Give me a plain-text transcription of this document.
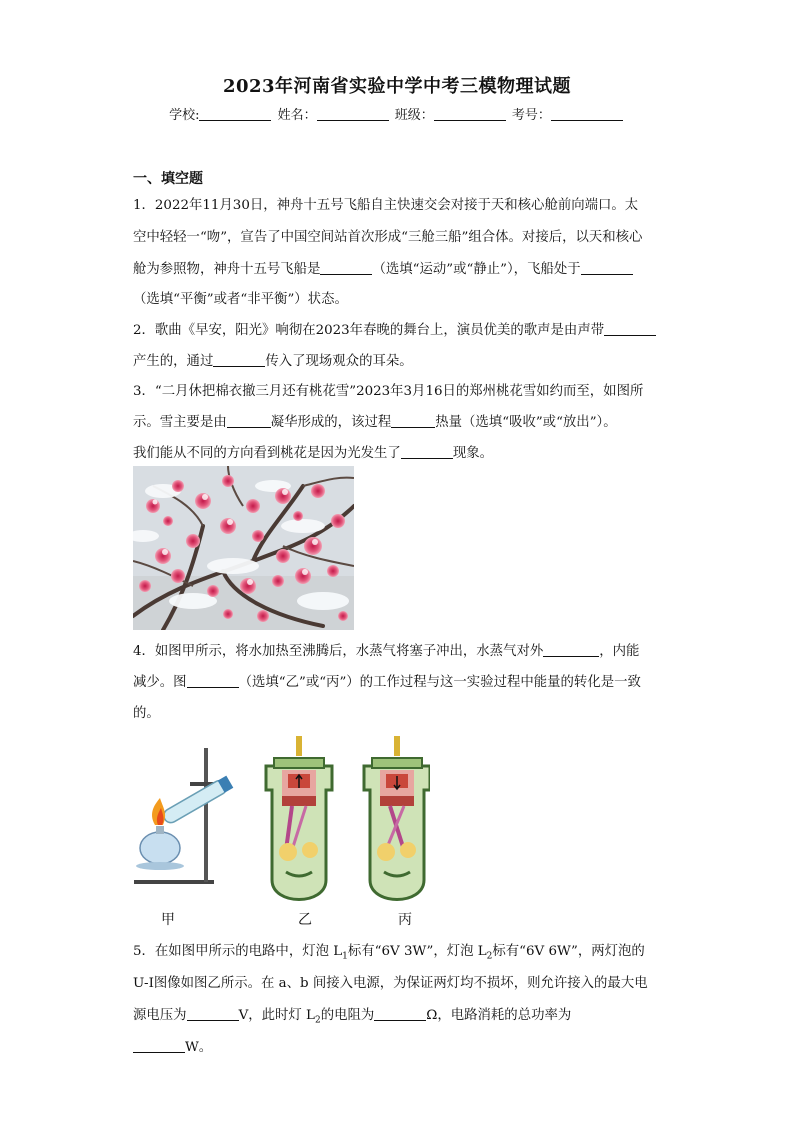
2023年河南省实验中学中考三模物理试题
学校:	姓名：	班级：	考号：
一、填空题
1．2022年11月30日，神舟十五号飞船自主快速交会对接于天和核心舱前向端口。太
空中轻轻一“吻”，宣告了中国空间站首次形成“三舱三船”组合体。对接后，以天和核心
舱为参照物，神舟十五号飞船是	（选填“运动”或“静止”），飞船处于
（选填“平衡”或者“非平衡”）状态。
2．歌曲《早安，阳光》响彻在2023年春晚的舞台上，演员优美的歌声是由声带
产生的，通过	传入了现场观众的耳朵。
3．“二月休把棉衣撤三月还有桃花雪”2023年3月16日的郑州桃花雪如约而至，如图所
示。雪主要是由	凝华形成的，该过程	热量（选填“吸收”或“放出”）。
我们能从不同的方向看到桃花是因为光发生了	现象。
4．如图甲所示，将水加热至沸腾后，水蒸气将塞子冲出，水蒸气对外	，内能
减少。图	（选填“乙”或“丙”）的工作过程与这一实验过程中能量的转化是一致
的。
甲	乙	丙
5．在如图甲所示的电路中，灯泡 $L_1$标有“6V 3W”，灯泡 $L_2$标有“6V 6W”，两灯泡的
U-I图像如图乙所示。在 a、b 间接入电源，为保证两灯均不损坏，则允许接入的最大电
源电压为	V，此时灯 $L_2$的电阻为	Ω，电路消耗的总功率为
W。
